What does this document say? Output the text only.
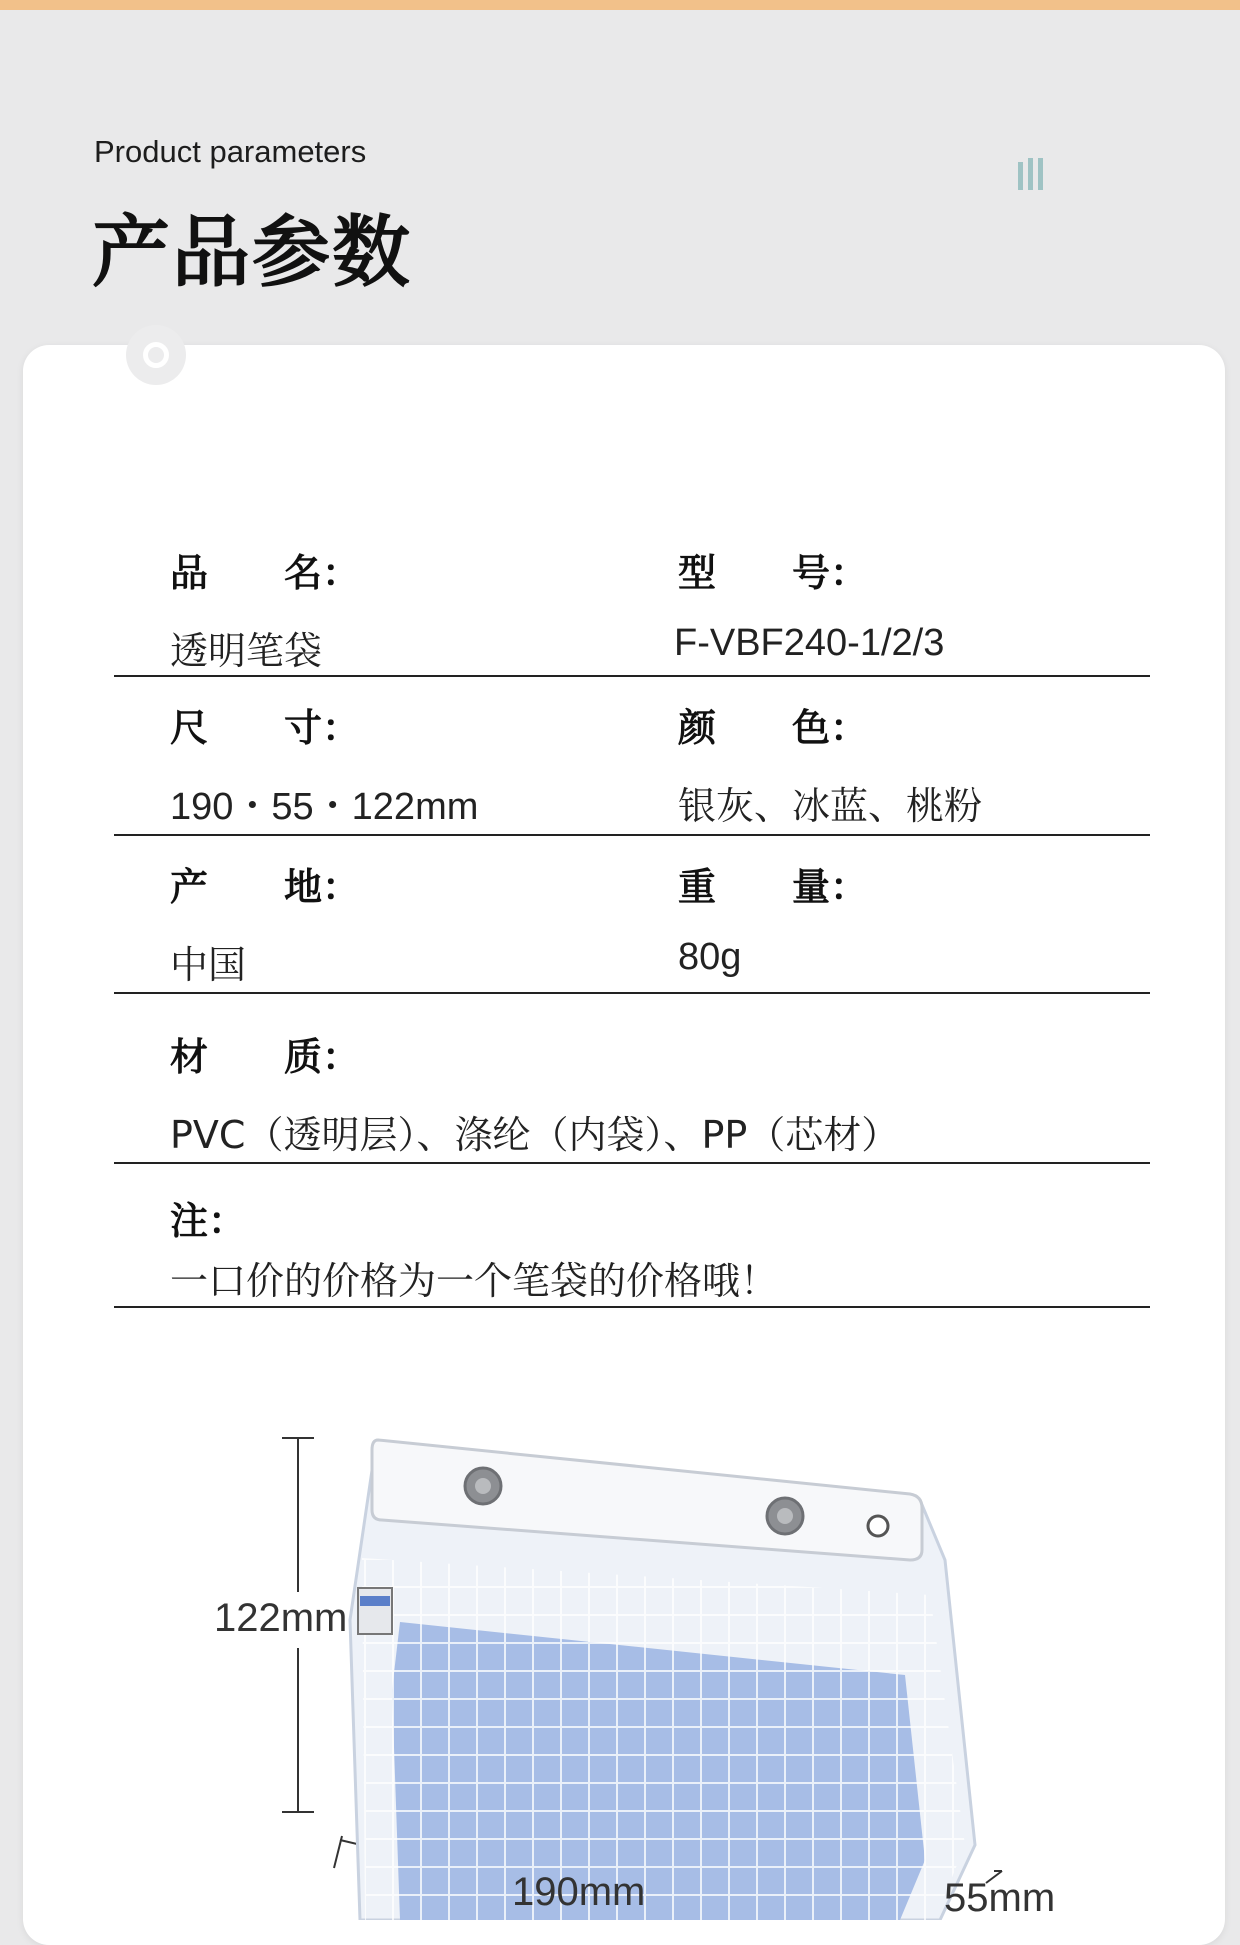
Product parameters
产品参数
品　　名：
透明笔袋
型　　号：
F-VBF240-1/2/3
尺　　寸：
190・55・122mm
颜　　色：
银灰、冰蓝、桃粉
产　　地：
中国
重　　量：
80g
材　　质：
PVC（透明层）、涤纶（内袋）、PP（芯材）
注：
一口价的价格为一个笔袋的价格哦！
122mm
190mm	55mm
